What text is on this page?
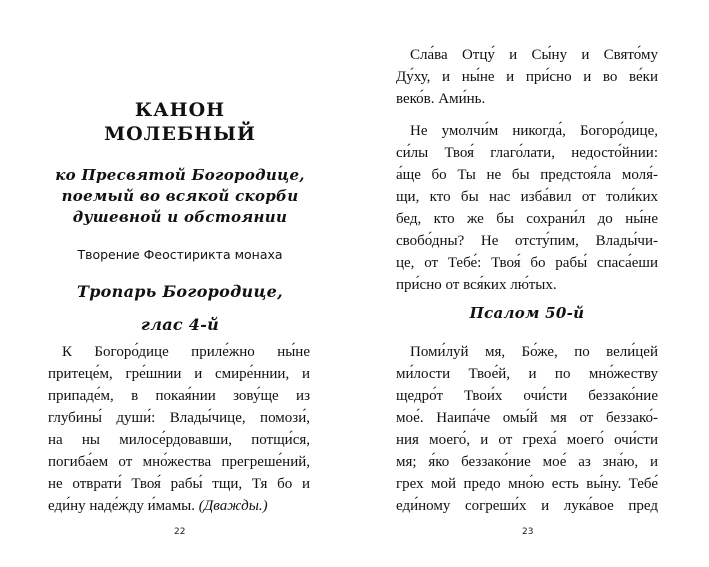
КАНОН
МОЛЕБНЫЙ
ко Пресвятой Богородице,
поемый во всякой скорби
душевной и обстоянии
Творение Феостирикта монаха
Тропарь Богородице,
глас 4-й
К Богоро́дице приле́жно ны́не
притеце́м, гре́шнии и смире́ннии, и
припаде́м, в покая́нии зову́ще из
глубины́ души́: Влады́чице, помози́,
на ны милосе́рдовавши, потщи́ся,
погиба́ем от мно́жества прегреше́ний,
не отврати́ Твоя́ рабы́ тщи, Тя бо и
еди́ну наде́жду и́мамы. (Дважды.)
22
Сла́ва Отцу́ и Сы́ну и Свято́му
Ду́ху, и ны́не и при́сно и во ве́ки
веко́в. Ами́нь.
Не умолчи́м никогда́, Богоро́дице,
си́лы Твоя́ глаго́лати, недосто́йнии:
а́ще бо Ты не бы предстоя́ла моля́-
щи, кто бы нас изба́вил от толи́ких
бед, кто же бы сохрани́л до ны́не
свобо́дны? Не отсту́пим, Влады́чи-
це, от Тебе́: Твоя́ бо рабы́ спаса́еши
при́сно от вся́ких лю́тых.
Псалом 50-й
Поми́луй мя, Бо́же, по вели́цей
ми́лости Твое́й, и по мно́жеству
щедро́т Твои́х очи́сти беззако́ние
мое́. Наипа́че омы́й мя от беззако́-
ния моего́, и от греха́ моего́ очи́сти
мя; я́ко беззако́ние мое́ аз зна́ю, и
грех мой предо мно́ю есть вы́ну. Тебе́
еди́ному согреши́х и лука́вое пред
23
